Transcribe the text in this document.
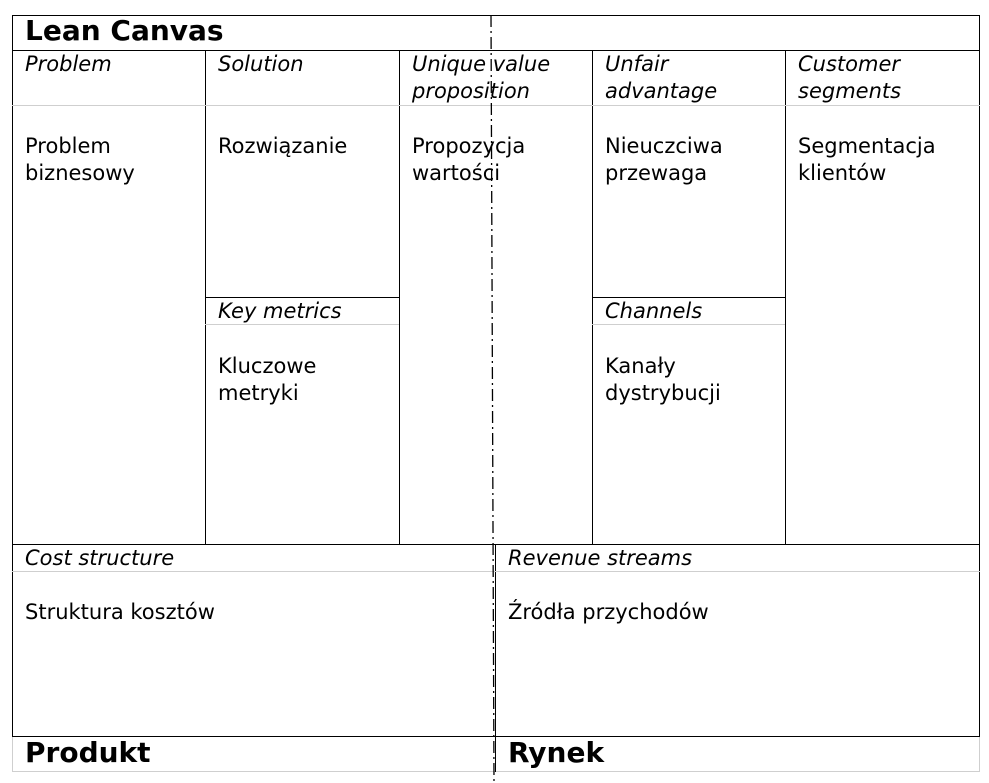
Lean Canvas
Produkt	Rynek
Problem
Problem
biznesowy
Solution
Rozwiązanie
Key metrics
Kluczowe
metryki
Unique value
proposition
Propozycja
wartości
Unfair
advantage
Nieuczciwa
przewaga
Channels
Kanały
dystrybucji
Customer
segments
Segmentacja
klientów
Cost structure
Struktura kosztów
Revenue streams
Źródła przychodów
